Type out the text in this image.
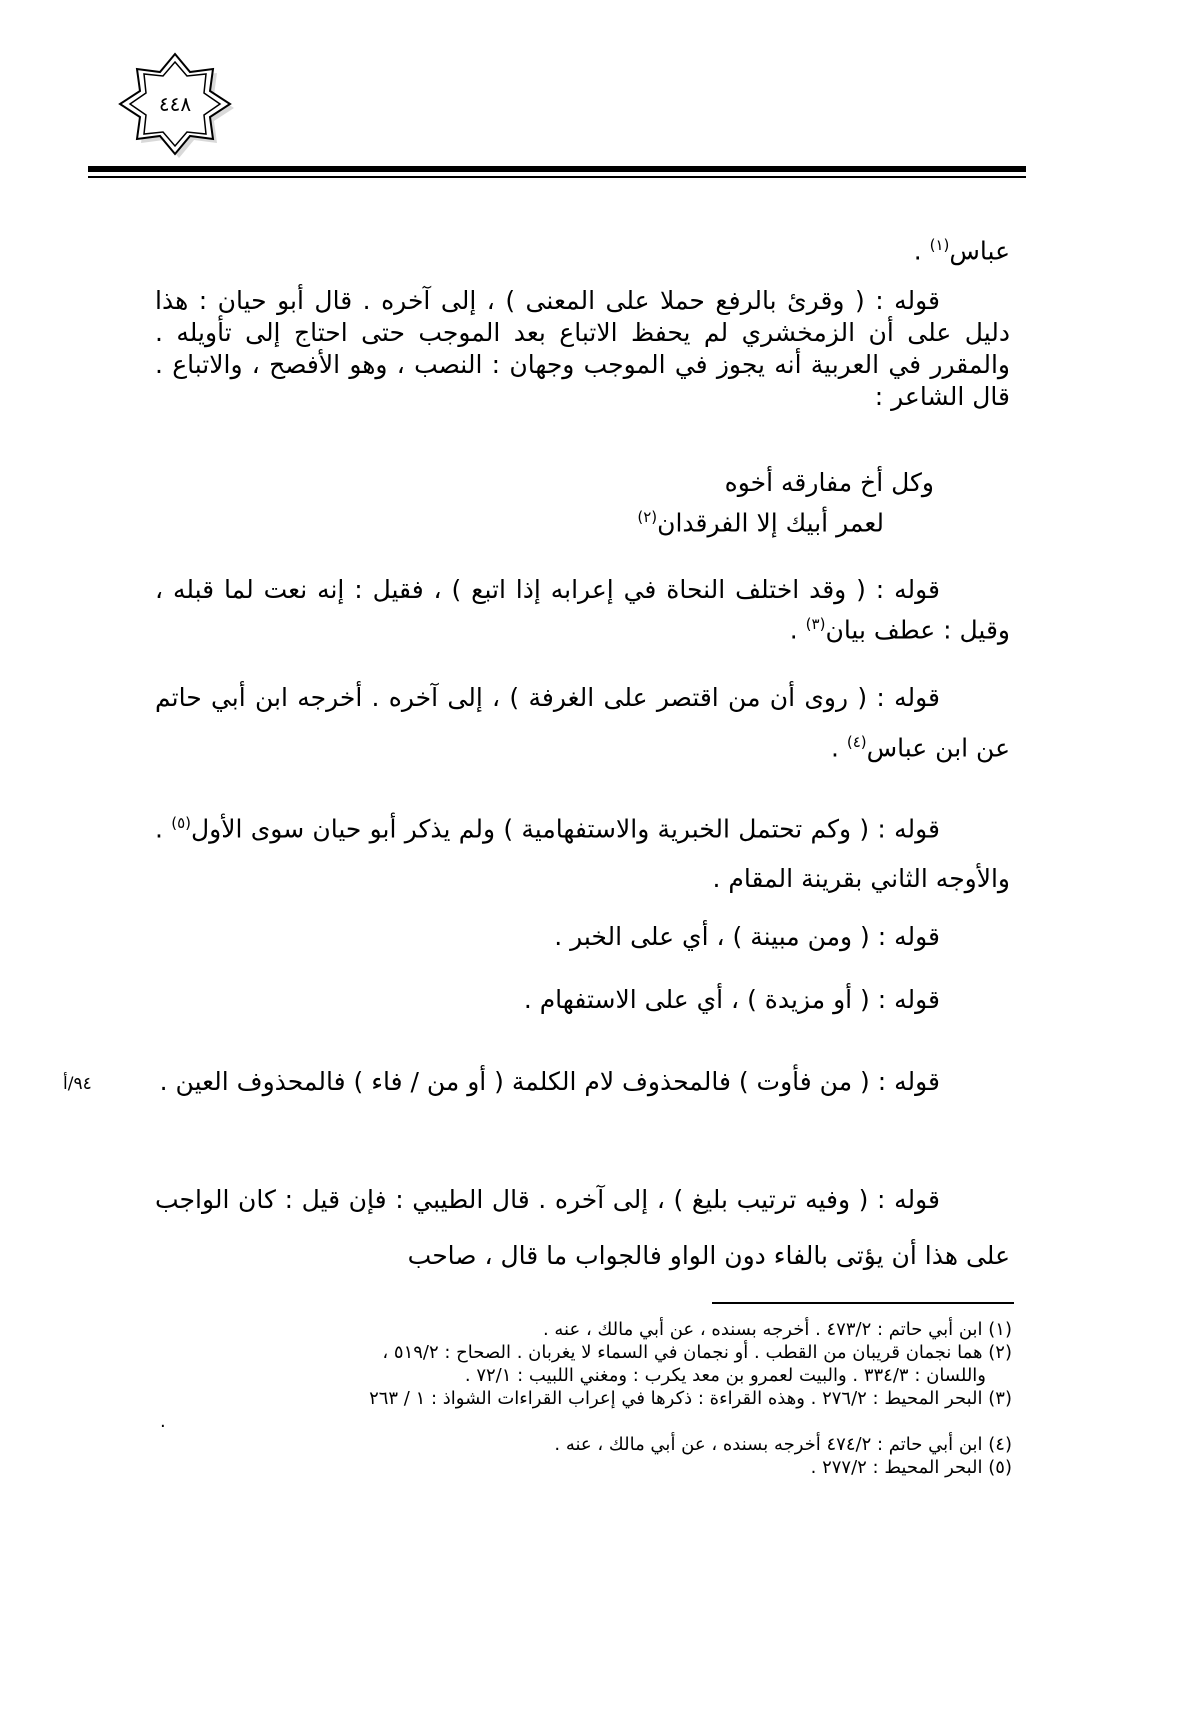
٤٤٨

عباس$^{(١)}$ .

قوله : ( وقرئ بالرفع حملا على المعنى ) ، إلى آخره . قال أبو حيان : هذا دليل على أن الزمخشري لم يحفظ الاتباع بعد الموجب حتى احتاج إلى تأويله . والمقرر في العربية أنه يجوز في الموجب وجهان : النصب ، وهو الأفصح ، والاتباع . قال الشاعر :

وكل أخ مفارقه أخوه
لعمر أبيك إلا الفرقدان$^{(٢)}$

قوله : ( وقد اختلف النحاة في إعرابه إذا اتبع ) ، فقيل : إنه نعت لما قبله ، وقيل : عطف بيان$^{(٣)}$ .

قوله : ( روى أن من اقتصر على الغرفة ) ، إلى آخره . أخرجه ابن أبي حاتم عن ابن عباس$^{(٤)}$ .

قوله : ( وكم تحتمل الخبرية والاستفهامية ) ولم يذكر أبو حيان سوى الأول$^{(٥)}$ . والأوجه الثاني بقرينة المقام .

قوله : ( ومن مبينة ) ، أي على الخبر .

قوله : ( أو مزيدة ) ، أي على الاستفهام .

قوله : ( من فأوت ) فالمحذوف لام الكلمة ( أو من / فاء ) فالمحذوف العين .

٩٤/أ

قوله : ( وفيه ترتيب بليغ ) ، إلى آخره . قال الطيبي : فإن قيل : كان الواجب على هذا أن يؤتى بالفاء دون الواو فالجواب ما قال ، صاحب

(١) ابن أبي حاتم : ٤٧٣/٢ . أخرجه بسنده ، عن أبي مالك ، عنه .

(٢) هما نجمان قريبان من القطب . أو نجمان في السماء لا يغربان . الصحاح : ٥١٩/٢ ،

واللسان : ٣٣٤/٣ . والبيت لعمرو بن معد يكرب : ومغني اللبيب : ٧٢/١ .

(٣) البحر المحيط : ٢٧٦/٢ . وهذه القراءة : ذكرها في إعراب القراءات الشواذ : ١ / ٢٦٣

.

(٤) ابن أبي حاتم : ٤٧٤/٢ أخرجه بسنده ، عن أبي مالك ، عنه .

(٥) البحر المحيط : ٢٧٧/٢ .
